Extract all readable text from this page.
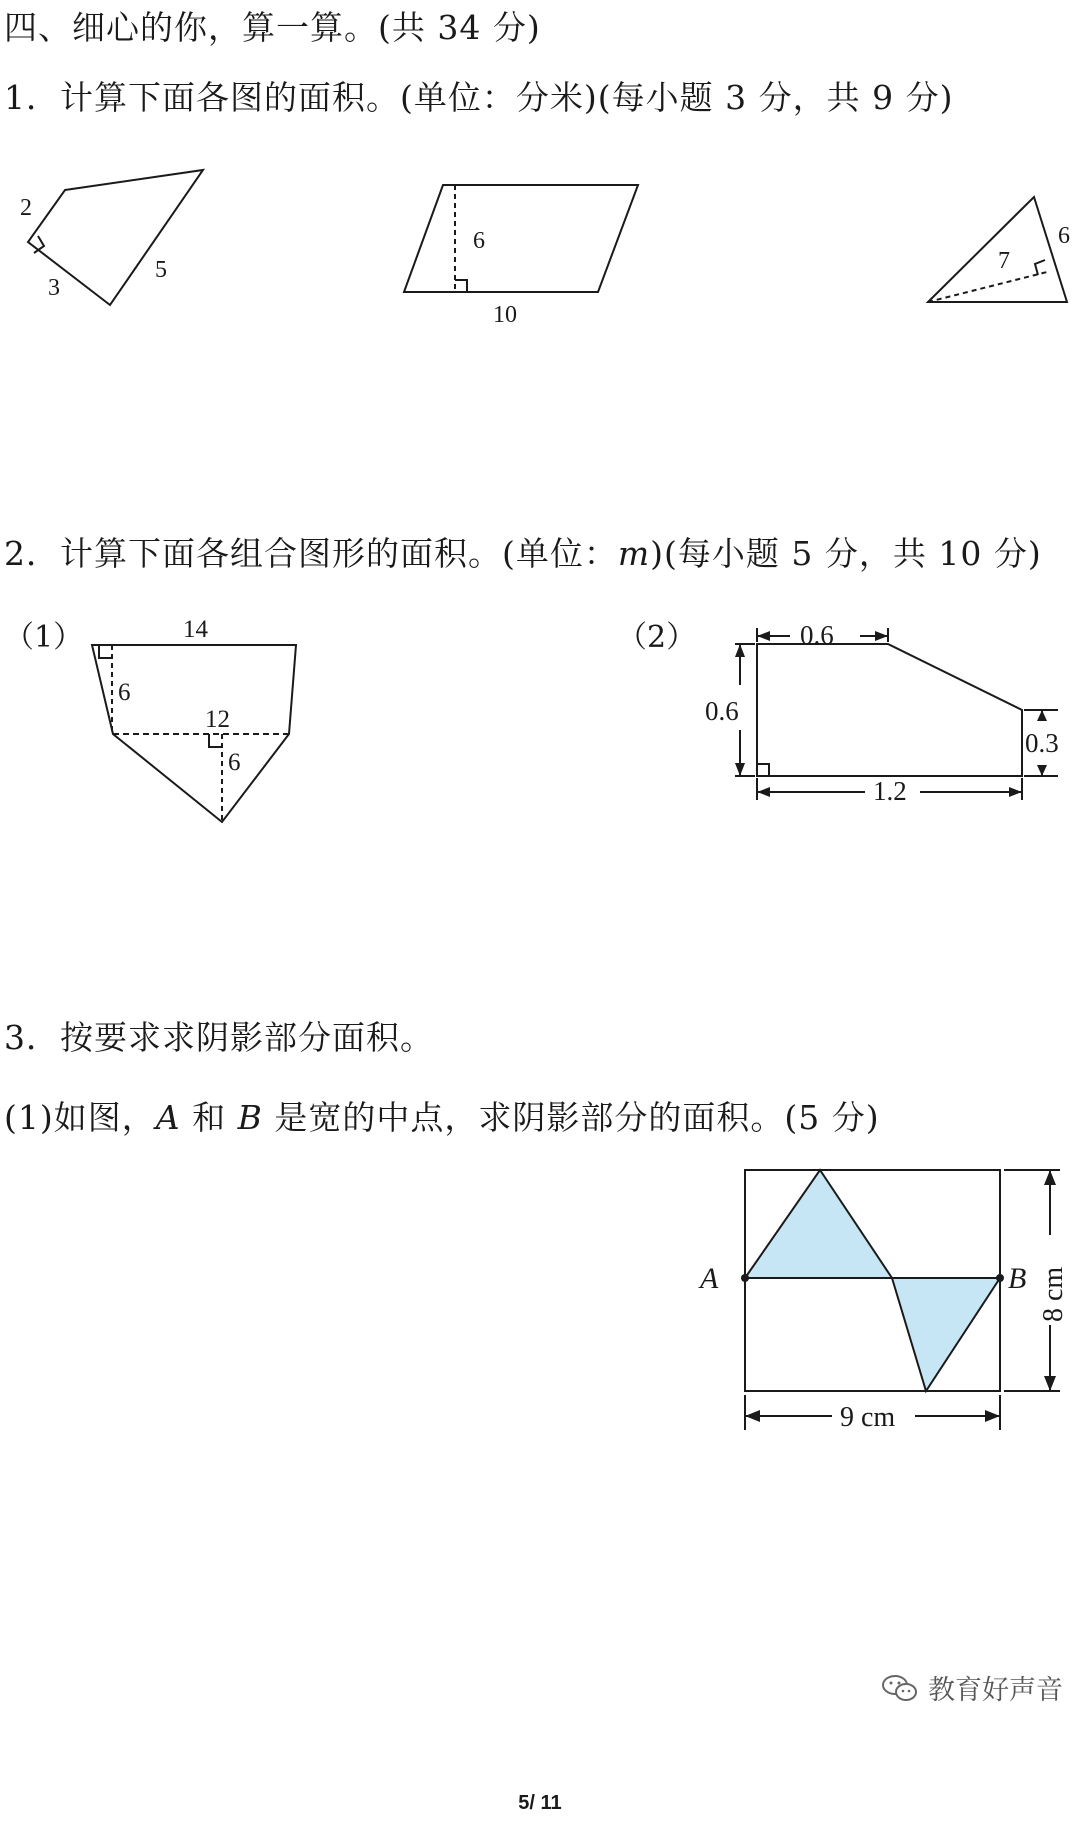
四、细心的你，算一算。(共 34 分)
1．计算下面各图的面积。(单位：分米)(每小题 3 分，共 9 分)
2
3
5
6
10
7
6
2．计算下面各组合图形的面积。(单位：m)(每小题 5 分，共 10 分)
（1）	（2）
14
6
12
6
0.6
0.6
0.3
1.2
3．按要求求阴影部分面积。
(1)如图，A 和 B 是宽的中点，求阴影部分的面积。(5 分)
A	B
9 cm
8 cm
教育好声音
5/ 11
